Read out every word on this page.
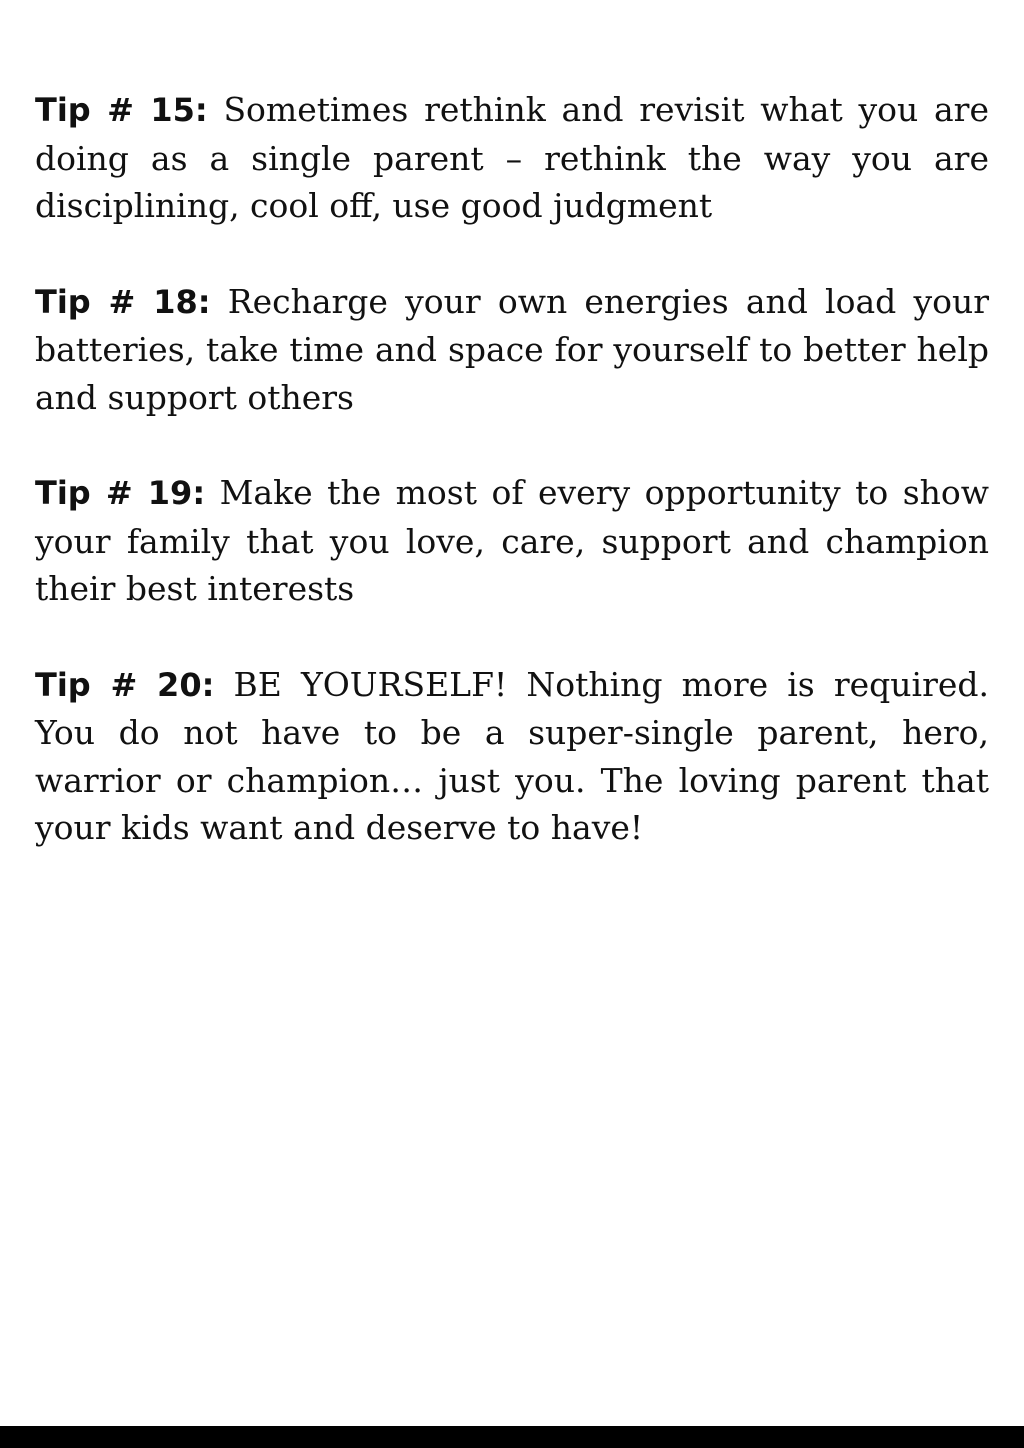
Tip # 15: Sometimes rethink and revisit what you are doing as a single parent – rethink the way you are disciplining, cool off, use good judgment

Tip # 18: Recharge your own energies and load your batteries, take time and space for yourself to better help and support others

Tip # 19: Make the most of every opportunity to show your family that you love, care, support and champion their best interests

Tip # 20: BE YOURSELF! Nothing more is required. You do not have to be a super-single parent, hero, warrior or champion… just you. The loving parent that your kids want and deserve to have!
